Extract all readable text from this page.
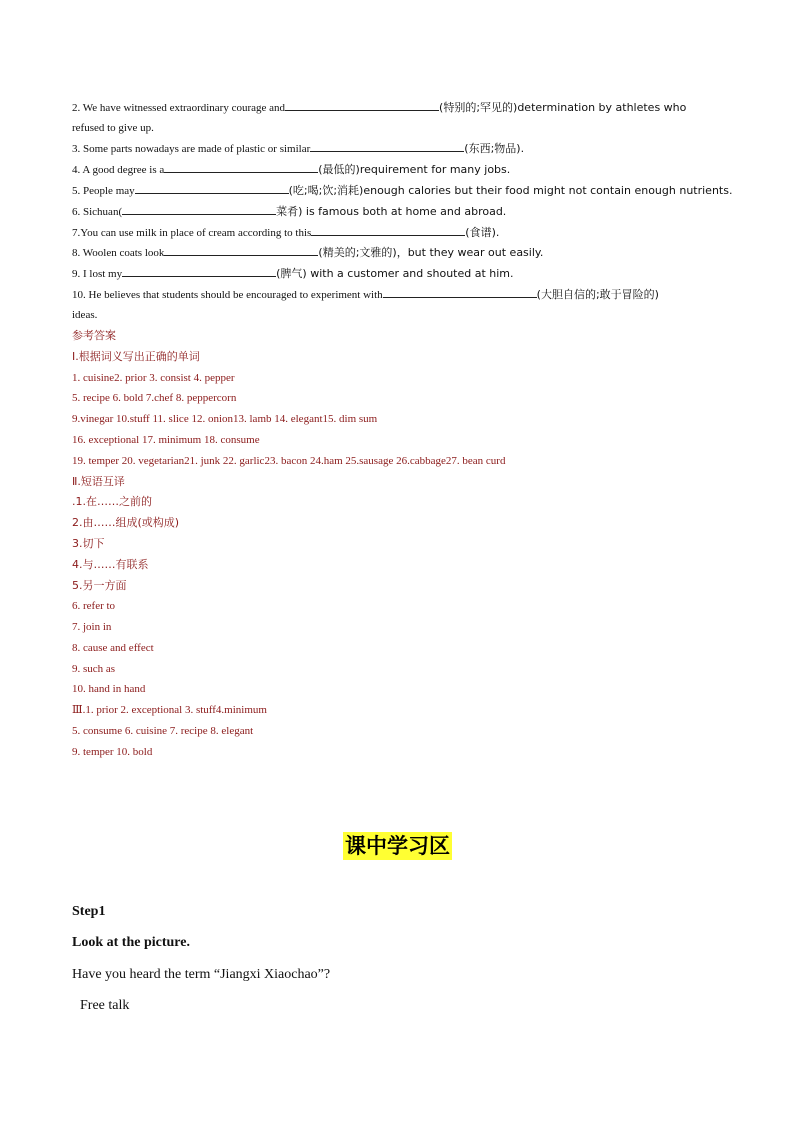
2. We have witnessed extraordinary courage and	(特别的;罕见的)determination by athletes who
refused to give up.
3. Some parts nowadays are made of plastic or similar	(东西;物品).
4. A good degree is a	(最低的)requirement for many jobs.
5. People may	(吃;喝;饮;消耗)enough calories but their food might not contain enough nutrients.
6. Sichuan(	菜肴) is famous both at home and abroad.
7.You can use milk in place of cream according to this	(食谱).
8. Woolen coats look	(精美的;文雅的)，but they wear out easily.
9. I lost my	(脾气) with a customer and shouted at him.
10. He believes that students should be encouraged to experiment with	(大胆自信的;敢于冒险的)
ideas.
参考答案
I.根据词义写出正确的单词
1. cuisine2. prior 3. consist 4. pepper
5. recipe 6. bold 7.chef 8. peppercorn
9.vinegar 10.stuff 11. slice 12. onion13. lamb 14. elegant15. dim sum
16. exceptional 17. minimum 18. consume
19. temper 20. vegetarian21. junk 22. garlic23. bacon 24.ham 25.sausage 26.cabbage27. bean curd
Ⅱ.短语互译
.1.在……之前的
2.由……组成(或构成)
3.切下
4.与……有联系
5.另一方面
6. refer to
7. join in
8. cause and effect
9. such as
10. hand in hand
Ⅲ.1. prior 2. exceptional 3. stuff4.minimum
5. consume 6. cuisine 7. recipe 8. elegant
9. temper 10. bold
课中学习区
Step1
Look at the picture.
Have you heard the term “Jiangxi Xiaochao”?
Free talk
